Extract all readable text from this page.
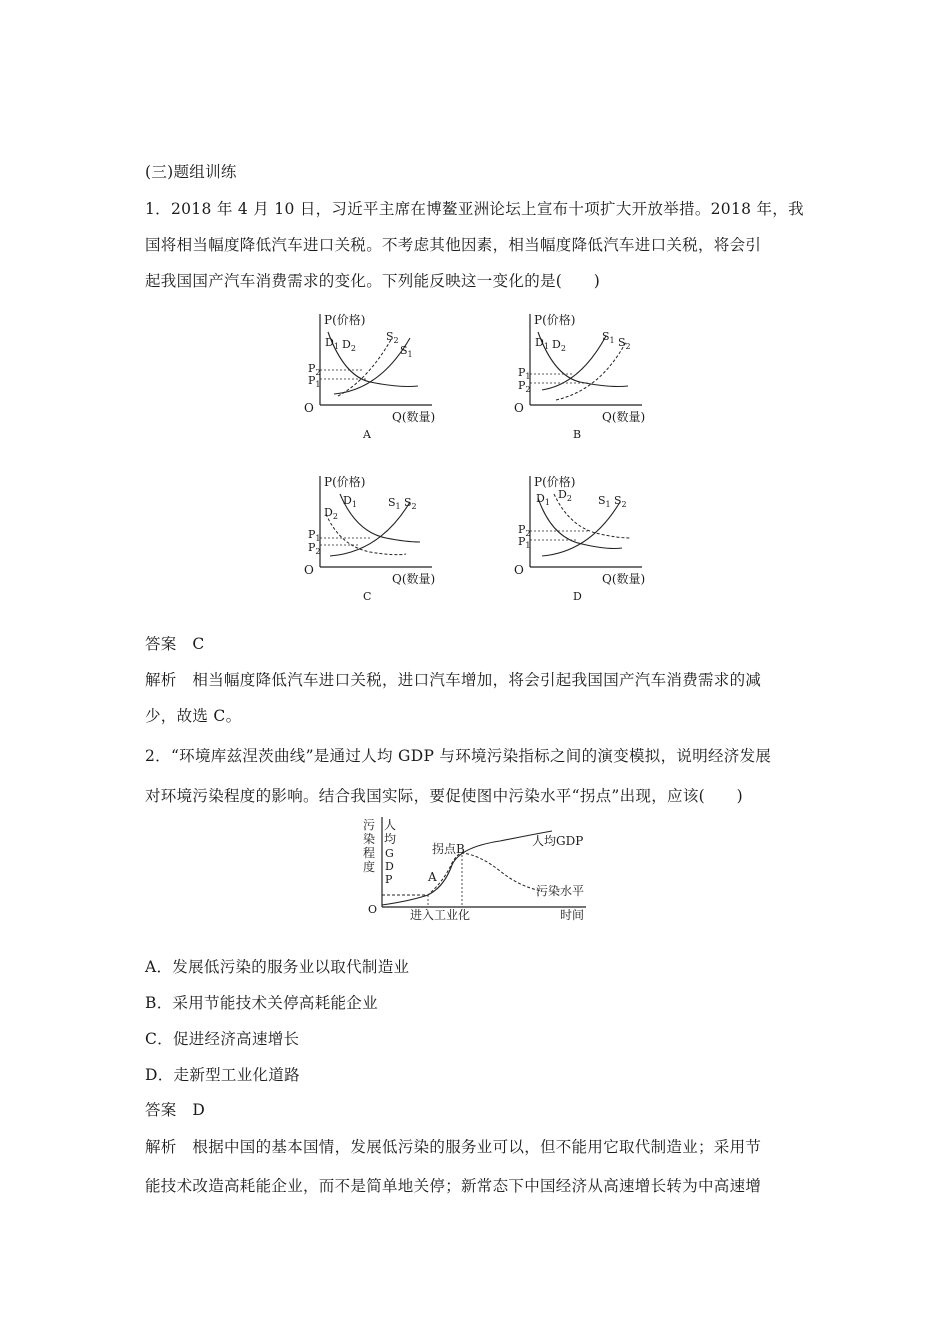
(三)题组训练
1．2018 年 4 月 10 日，习近平主席在博鳌亚洲论坛上宣布十项扩大开放举措。2018 年，我
国将相当幅度降低汽车进口关税。不考虑其他因素，相当幅度降低汽车进口关税，将会引
起我国国产汽车消费需求的变化。下列能反映这一变化的是(　　)
P(价格)
O
Q(数量)
A
$P_2$
$P_1$
$D_1$ $D_2$
$S_2$
$S_1$
P(价格)
O
Q(数量)
B
$P_1$
$P_2$
$D_1$ $D_2$
$S_1$ $S_2$
P(价格)
O
Q(数量)
C
$P_1$
$P_2$
$D_1$
$D_2$
$S_1$ $S_2$
P(价格)
O
Q(数量)
D
$P_2$
$P_1$
$D_1$
$D_2$ $S_1$ $S_2$
答案　C
解析　相当幅度降低汽车进口关税，进口汽车增加，将会引起我国国产汽车消费需求的减
少，故选 C。
2．“环境库兹涅茨曲线”是通过人均 GDP 与环境污染指标之间的演变模拟，说明经济发展
对环境污染程度的影响。结合我国实际，要促使图中污染水平“拐点”出现，应该(　　)
污
染
程
度
人
均
G
D
P
O
A
拐点B
人均GDP
污染水平
进入工业化	时间
A．发展低污染的服务业以取代制造业
B．采用节能技术关停高耗能企业
C．促进经济高速增长
D．走新型工业化道路
答案　D
解析　根据中国的基本国情，发展低污染的服务业可以，但不能用它取代制造业；采用节
能技术改造高耗能企业，而不是简单地关停；新常态下中国经济从高速增长转为中高速增
